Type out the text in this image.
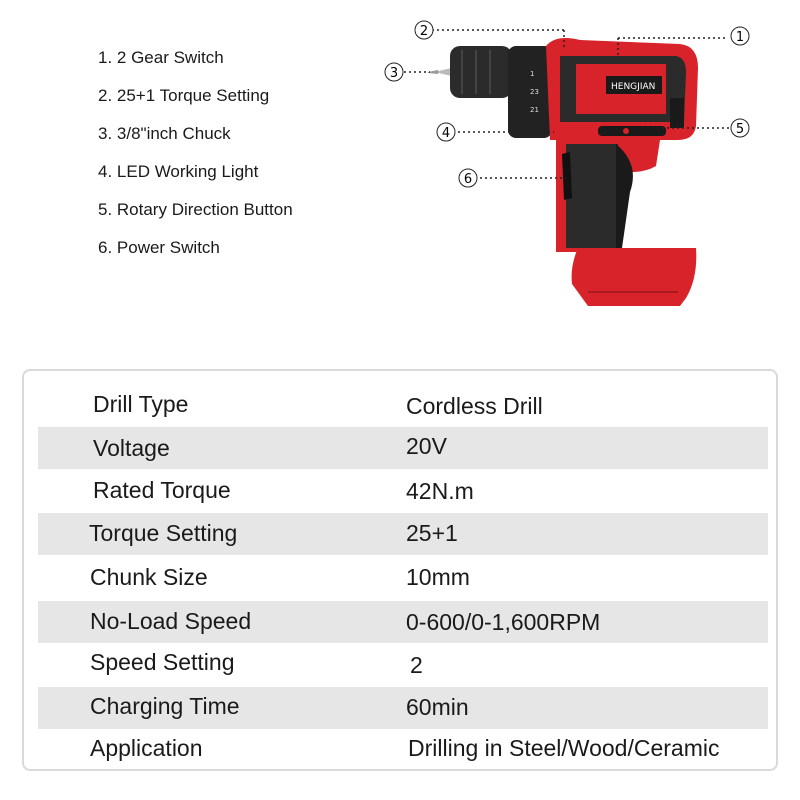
1. 2 Gear Switch
2. 25+1 Torque Setting
3. 3/8"inch Chuck
4. LED Working Light
5. Rotary Direction Button
6. Power Switch
1
23
21
HENGJIAN
1
2
3
4	5
6
Drill Type	Cordless Drill
Voltage	20V
Rated Torque	42N.m
Torque Setting	25+1
Chunk Size	10mm
No-Load Speed	0-600/0-1,600RPM
Speed Setting	2
Charging Time	60min
Application	Drilling in Steel/Wood/Ceramic
